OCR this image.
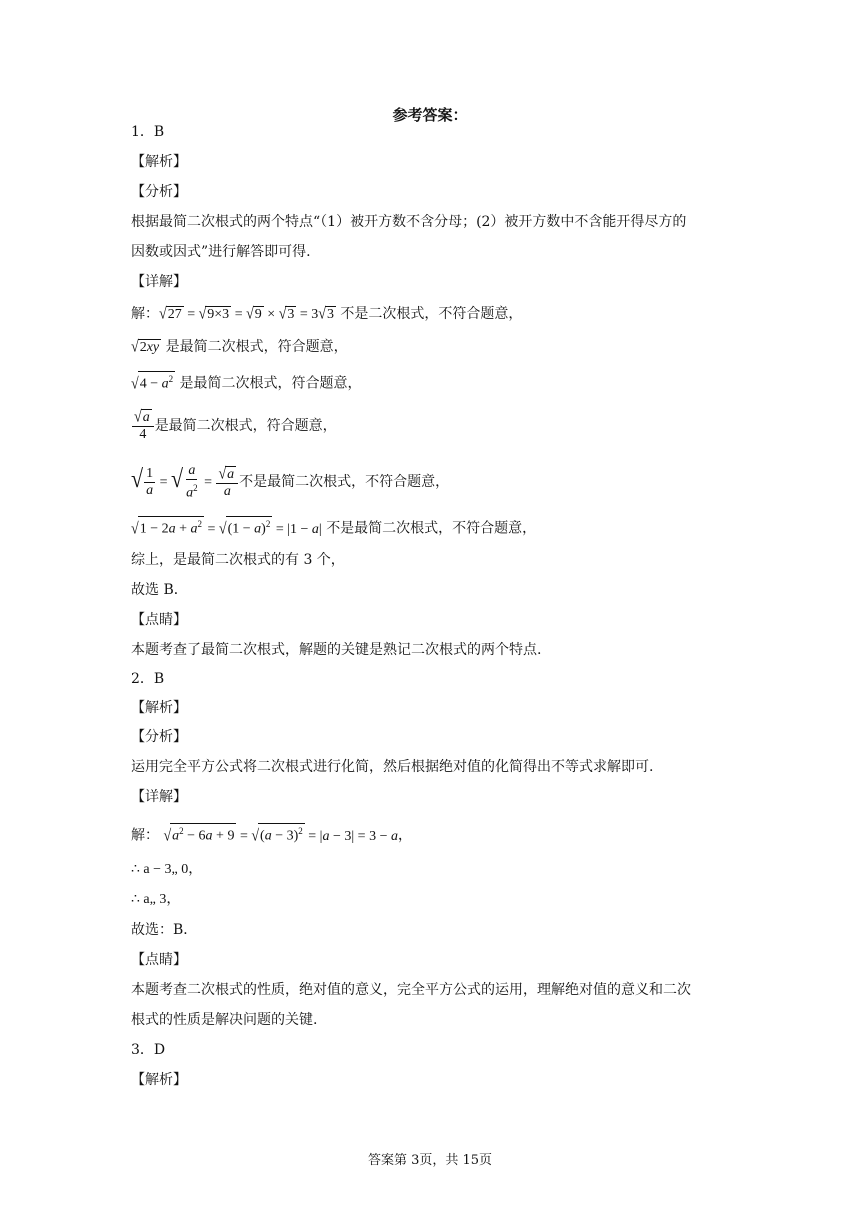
参考答案：
1．B
【解析】
【分析】
根据最简二次根式的两个特点“（1）被开方数不含分母；(2）被开方数中不含能开得尽方的
因数或因式”进行解答即可得.
【详解】
解：√27 = √9×3 = √9 × √3 = 3√3 不是二次根式，不符合题意，
√2xy 是最简二次根式，符合题意，
$√4 - a^2$ 是最简二次根式，符合题意，
$\frac{√a}{4}$ 是最简二次根式，符合题意，
√ $\frac{1}{a}$ = √ $\frac{a}{a^2} = \frac{√a}{a}$ 不是最简二次根式，不符合题意，
$√1 - 2a + a^2 = √(1 - a)^2 = |1 - a|$ 不是最简二次根式，不符合题意，
综上，是最简二次根式的有 3 个，
故选 B．
【点睛】
本题考查了最简二次根式，解题的关键是熟记二次根式的两个特点.
2．B
【解析】
【分析】
运用完全平方公式将二次根式进行化简，然后根据绝对值的化简得出不等式求解即可.
【详解】
解： $√a^2 - 6a + 9 = √(a - 3)^2 = |a - 3| = 3 - a$，
∴ a − 3„ 0，
∴ a„ 3，
故选：B．
【点睛】
本题考查二次根式的性质，绝对值的意义，完全平方公式的运用，理解绝对值的意义和二次
根式的性质是解决问题的关键.
3．D
【解析】
答案第 3页，共 15页
